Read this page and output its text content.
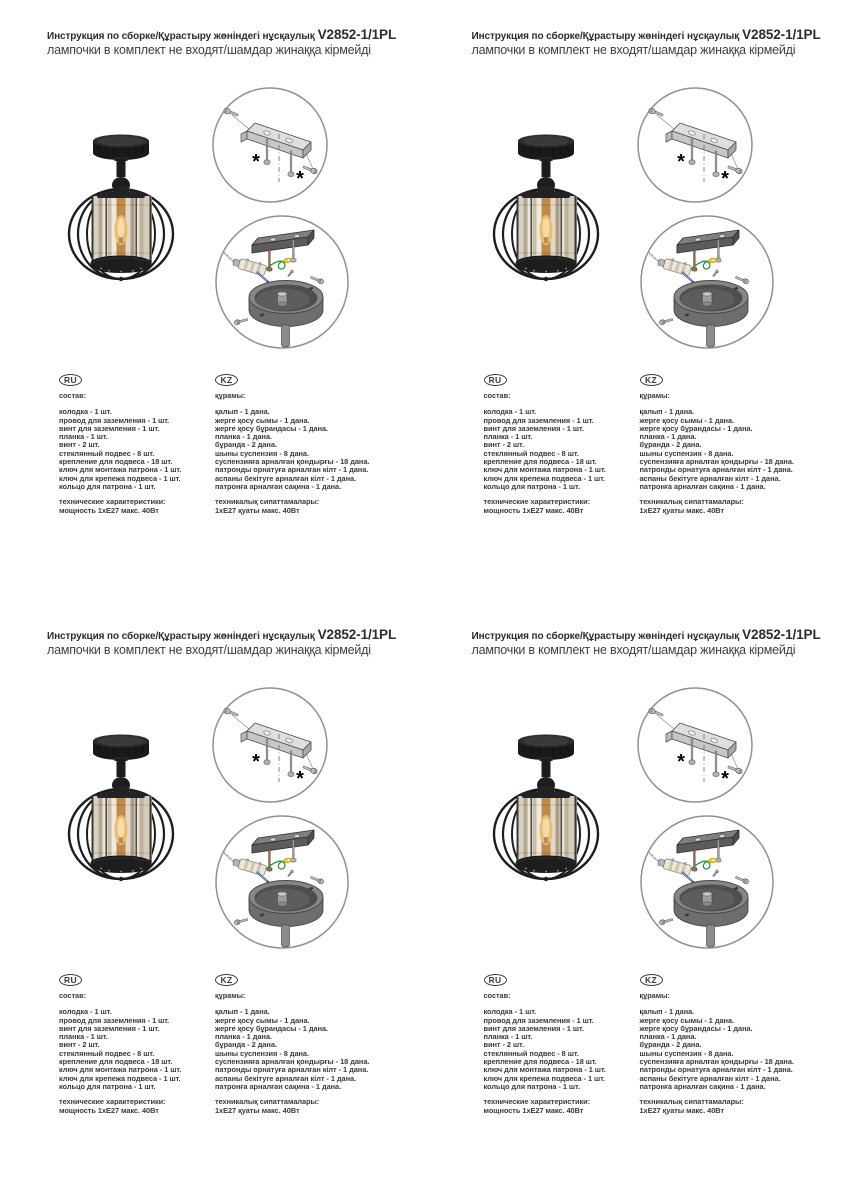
Инструкция по сборке/Құрастыру жөніндегі нұсқаулық V2852-1/1PL
лампочки в комплект не входят/шамдар жинаққа кірмейді
*
*
RU
состав:
колодка - 1 шт.
провод для заземления - 1 шт.
винт для заземления - 1 шт.
планка - 1 шт.
винт - 2 шт.
стеклянный подвес - 8 шт.
крепление для подвеса - 18 шт.
ключ для монтажа патрона - 1 шт.
ключ для крепежа подвеса - 1 шт.
кольцо для патрона - 1 шт.
технические характеристики:
мощность 1хЕ27 макс. 40Вт
KZ
құрамы:
қалып - 1 дана.
жерге қосу сымы - 1 дана.
жерге қосу бұрандасы - 1 дана.
планка - 1 дана.
бұранда - 2 дана.
шыны суспензия - 8 дана.
суспензияға арналған қондырғы - 18 дана.
патронды орнатуға арналған кілт - 1 дана.
аспаны бекітуге арналған кілт - 1 дана.
патронға арналған сақина - 1 дана.
техникалық сипаттамалары:
1хЕ27 қуаты макс. 40Вт
Инструкция по сборке/Құрастыру жөніндегі нұсқаулық V2852-1/1PL
лампочки в комплект не входят/шамдар жинаққа кірмейді
*
*
RU
состав:
колодка - 1 шт.
провод для заземления - 1 шт.
винт для заземления - 1 шт.
планка - 1 шт.
винт - 2 шт.
стеклянный подвес - 8 шт.
крепление для подвеса - 18 шт.
ключ для монтажа патрона - 1 шт.
ключ для крепежа подвеса - 1 шт.
кольцо для патрона - 1 шт.
технические характеристики:
мощность 1хЕ27 макс. 40Вт
KZ
құрамы:
қалып - 1 дана.
жерге қосу сымы - 1 дана.
жерге қосу бұрандасы - 1 дана.
планка - 1 дана.
бұранда - 2 дана.
шыны суспензия - 8 дана.
суспензияға арналған қондырғы - 18 дана.
патронды орнатуға арналған кілт - 1 дана.
аспаны бекітуге арналған кілт - 1 дана.
патронға арналған сақина - 1 дана.
техникалық сипаттамалары:
1хЕ27 қуаты макс. 40Вт
Инструкция по сборке/Құрастыру жөніндегі нұсқаулық V2852-1/1PL
лампочки в комплект не входят/шамдар жинаққа кірмейді
*
*
RU
состав:
колодка - 1 шт.
провод для заземления - 1 шт.
винт для заземления - 1 шт.
планка - 1 шт.
винт - 2 шт.
стеклянный подвес - 8 шт.
крепление для подвеса - 18 шт.
ключ для монтажа патрона - 1 шт.
ключ для крепежа подвеса - 1 шт.
кольцо для патрона - 1 шт.
технические характеристики:
мощность 1хЕ27 макс. 40Вт
KZ
құрамы:
қалып - 1 дана.
жерге қосу сымы - 1 дана.
жерге қосу бұрандасы - 1 дана.
планка - 1 дана.
бұранда - 2 дана.
шыны суспензия - 8 дана.
суспензияға арналған қондырғы - 18 дана.
патронды орнатуға арналған кілт - 1 дана.
аспаны бекітуге арналған кілт - 1 дана.
патронға арналған сақина - 1 дана.
техникалық сипаттамалары:
1хЕ27 қуаты макс. 40Вт
Инструкция по сборке/Құрастыру жөніндегі нұсқаулық V2852-1/1PL
лампочки в комплект не входят/шамдар жинаққа кірмейді
*
*
RU
состав:
колодка - 1 шт.
провод для заземления - 1 шт.
винт для заземления - 1 шт.
планка - 1 шт.
винт - 2 шт.
стеклянный подвес - 8 шт.
крепление для подвеса - 18 шт.
ключ для монтажа патрона - 1 шт.
ключ для крепежа подвеса - 1 шт.
кольцо для патрона - 1 шт.
технические характеристики:
мощность 1хЕ27 макс. 40Вт
KZ
құрамы:
қалып - 1 дана.
жерге қосу сымы - 1 дана.
жерге қосу бұрандасы - 1 дана.
планка - 1 дана.
бұранда - 2 дана.
шыны суспензия - 8 дана.
суспензияға арналған қондырғы - 18 дана.
патронды орнатуға арналған кілт - 1 дана.
аспаны бекітуге арналған кілт - 1 дана.
патронға арналған сақина - 1 дана.
техникалық сипаттамалары:
1хЕ27 қуаты макс. 40Вт
